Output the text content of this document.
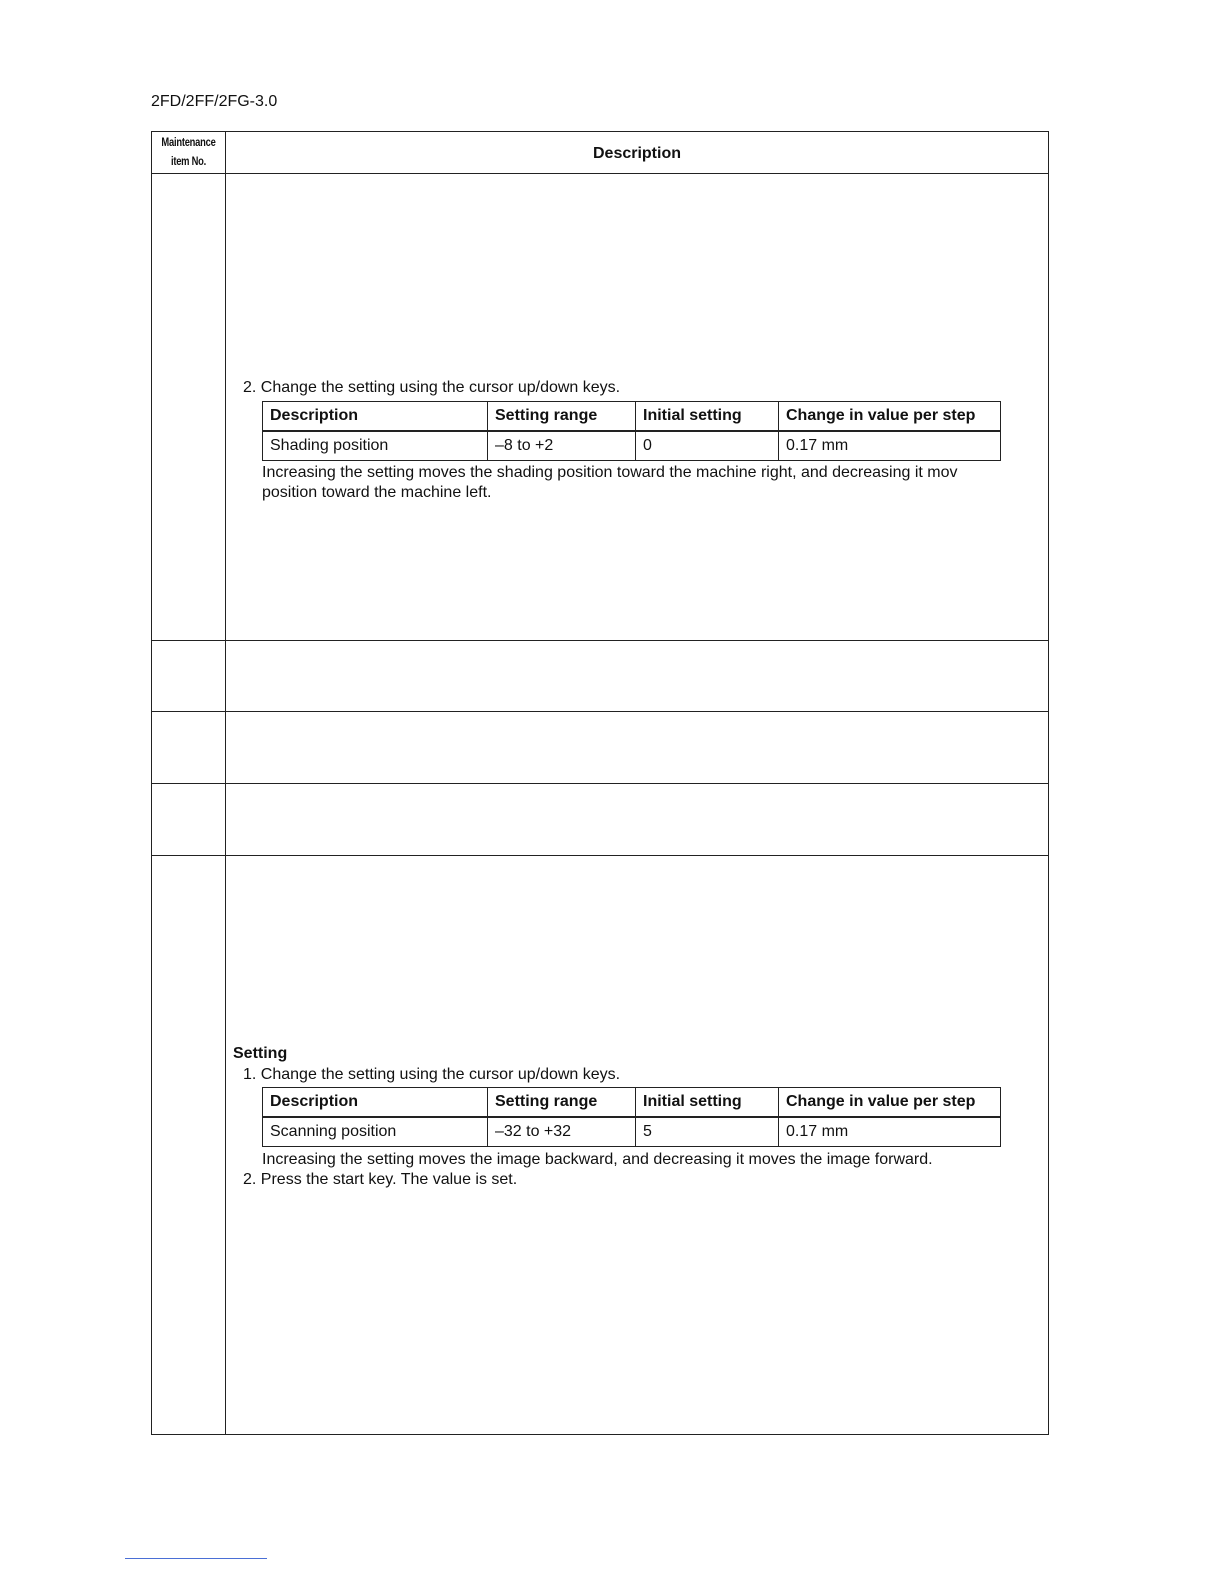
2FD/2FF/2FG-3.0
Maintenance item No.	Description
2. Change the setting using the cursor up/down keys.
Description	Setting range	Initial setting	Change in value per step
Shading position	–8 to +2	0	0.17 mm
Increasing the setting moves the shading position toward the machine right, and decreasing it mov
position toward the machine left.
Setting
1. Change the setting using the cursor up/down keys.
Description	Setting range	Initial setting	Change in value per step
Scanning position	–32 to +32	5	0.17 mm
Increasing the setting moves the image backward, and decreasing it moves the image forward.
2. Press the start key. The value is set.
